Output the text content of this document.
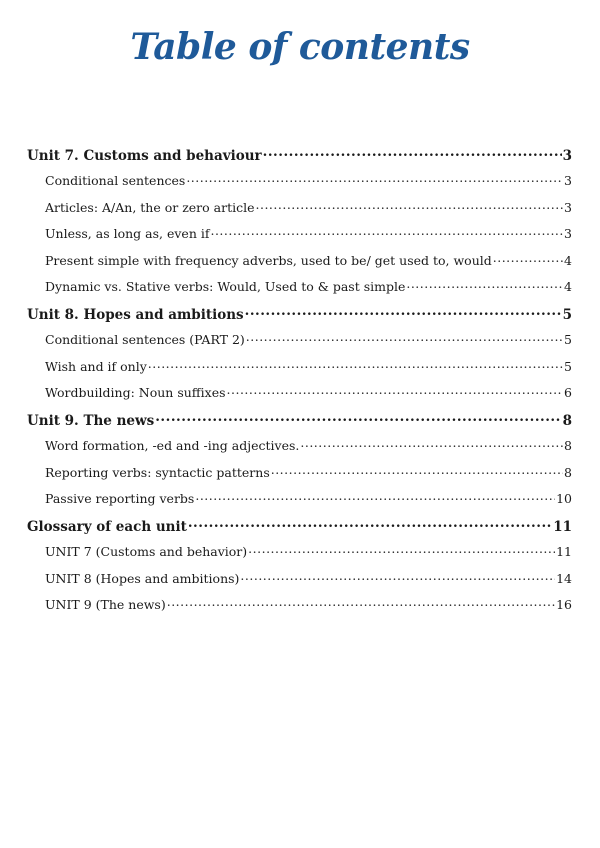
Table of contents
Unit 7. Customs and behaviour .....	3
Conditional sentences .....	3
Articles: A/An, the or zero article .....	3
Unless, as long as, even if .....	3
Present simple with frequency adverbs, used to be/ get used to, would .....	4
Dynamic vs. Stative verbs: Would, Used to & past simple .....	4
Unit 8. Hopes and ambitions .....	5
Conditional sentences (PART 2) .....	5
Wish and if only .....	5
Wordbuilding: Noun suffixes .....	6
Unit 9. The news .....	8
Word formation, -ed and -ing adjectives. .....	8
Reporting verbs: syntactic patterns .....	8
Passive reporting verbs .....	10
Glossary of each unit .....	11
UNIT 7 (Customs and behavior) .....	11
UNIT 8 (Hopes and ambitions) .....	14
UNIT 9 (The news) .....	16
